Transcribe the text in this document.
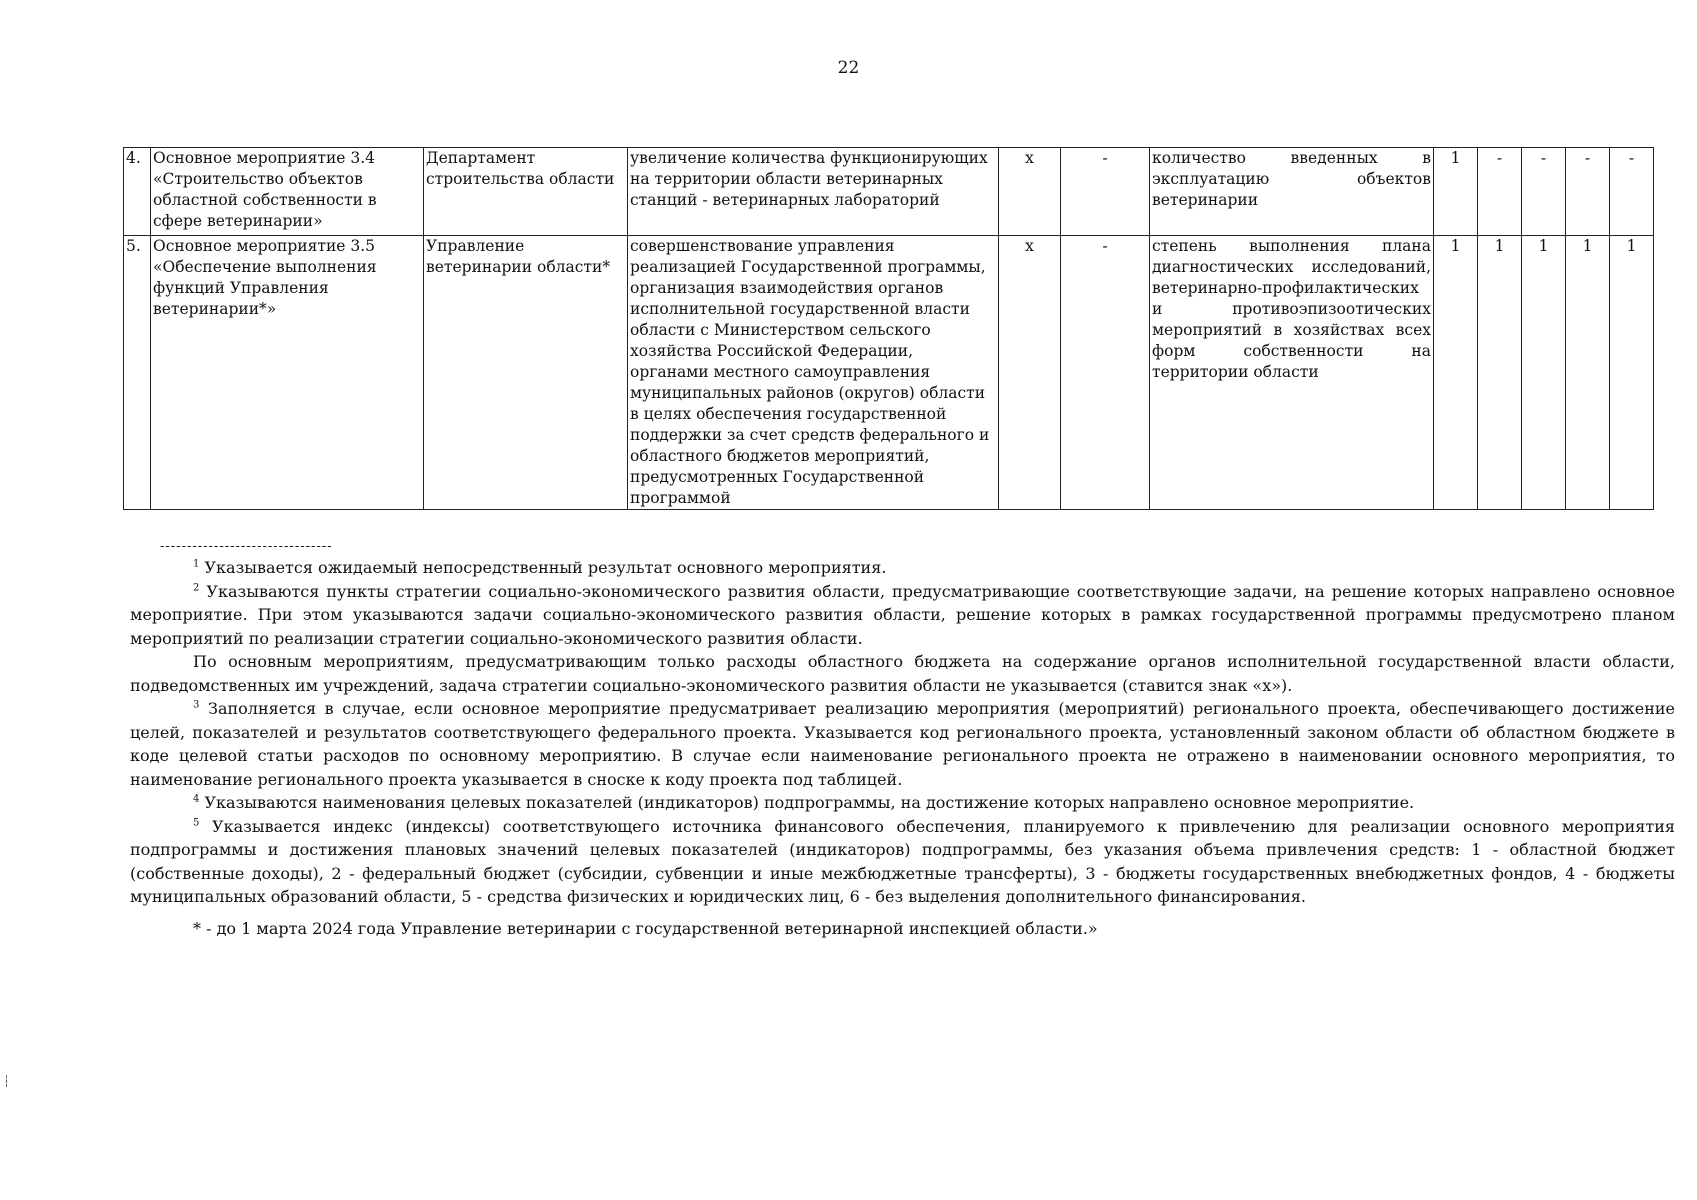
22
4.	Основное мероприятие 3.4 «Строительство объектов областной собственности в сфере ветеринарии»	Департамент строительства области	увеличение количества функционирующих на территории области ветеринарных станций - ветеринарных лабораторий	х	-	количество введенных в эксплуатацию объектов ветеринарии	1	-	-	-	-
5.	Основное мероприятие 3.5 «Обеспечение выполнения функций Управления ветеринарии*»	Управление ветеринарии области*	совершенствование управления реализацией Государственной программы, организация взаимодействия органов исполнительной государственной власти области с Министерством сельского хозяйства Российской Федерации, органами местного самоуправления муниципальных районов (округов) области в целях обеспечения государственной поддержки за счет средств федерального и областного бюджетов мероприятий, предусмотренных Государственной программой	х	-	степень выполнения плана диагностических исследований, ветеринарно-профилактических и противоэпизоотических мероприятий в хозяйствах всех форм собственности на территории области	1	1	1	1	1
--------------------------------

$^1$ Указывается ожидаемый непосредственный результат основного мероприятия.

$^2$ Указываются пункты стратегии социально-экономического развития области, предусматривающие соответствующие задачи, на решение которых направлено основное мероприятие. При этом указываются задачи социально-экономического развития области, решение которых в рамках государственной программы предусмотрено планом мероприятий по реализации стратегии социально-экономического развития области.

По основным мероприятиям, предусматривающим только расходы областного бюджета на содержание органов исполнительной государственной власти области, подведомственных им учреждений, задача стратегии социально-экономического развития области не указывается (ставится знак «х»).

$^3$ Заполняется в случае, если основное мероприятие предусматривает реализацию мероприятия (мероприятий) регионального проекта, обеспечивающего достижение целей, показателей и результатов соответствующего федерального проекта. Указывается код регионального проекта, установленный законом области об областном бюджете в коде целевой статьи расходов по основному мероприятию. В случае если наименование регионального проекта не отражено в наименовании основного мероприятия, то наименование регионального проекта указывается в сноске к коду проекта под таблицей.

$^4$ Указываются наименования целевых показателей (индикаторов) подпрограммы, на достижение которых направлено основное мероприятие.

$^5$ Указывается индекс (индексы) соответствующего источника финансового обеспечения, планируемого к привлечению для реализации основного мероприятия подпрограммы и достижения плановых значений целевых показателей (индикаторов) подпрограммы, без указания объема привлечения средств: 1 - областной бюджет (собственные доходы), 2 - федеральный бюджет (субсидии, субвенции и иные межбюджетные трансферты), 3 - бюджеты государственных внебюджетных фондов, 4 - бюджеты муниципальных образований области, 5 - средства физических и юридических лиц, 6 - без выделения дополнительного финансирования.

* - до 1 марта 2024 года Управление ветеринарии с государственной ветеринарной инспекцией области.»

┆
